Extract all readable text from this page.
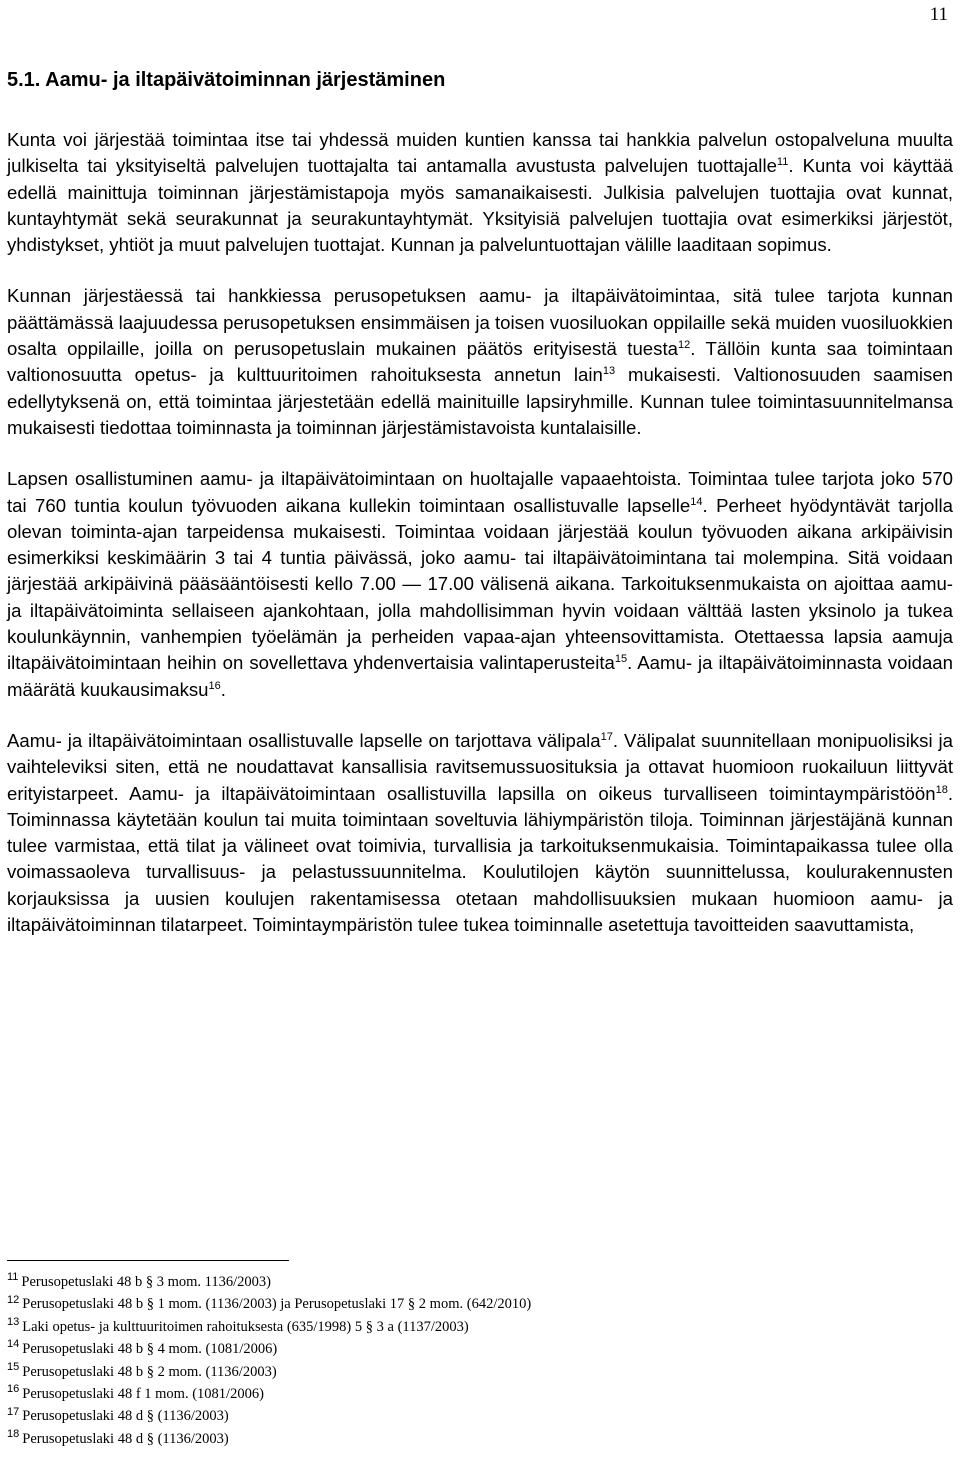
11
5.1. Aamu- ja iltapäivätoiminnan järjestäminen

Kunta voi järjestää toimintaa itse tai yhdessä muiden kuntien kanssa tai hankkia palvelun ostopalveluna muulta julkiselta tai yksityiseltä palvelujen tuottajalta tai antamalla avustusta palvelujen tuottajalle$^{11}$. Kunta voi käyttää edellä mainittuja toiminnan järjestämistapoja myös samanaikaisesti. Julkisia palvelujen tuottajia ovat kunnat, kuntayhtymät sekä seurakunnat ja seurakuntayhtymät. Yksityisiä palvelujen tuottajia ovat esimerkiksi järjestöt, yhdistykset, yhtiöt ja muut palvelujen tuottajat. Kunnan ja palveluntuottajan välille laaditaan sopimus.

Kunnan järjestäessä tai hankkiessa perusopetuksen aamu- ja iltapäivätoimintaa, sitä tulee tarjota kunnan päättämässä laajuudessa perusopetuksen ensimmäisen ja toisen vuosiluokan oppilaille sekä muiden vuosiluokkien osalta oppilaille, joilla on perusopetuslain mukainen päätös erityisestä tuesta$^{12}$. Tällöin kunta saa toimintaan valtionosuutta opetus- ja kulttuuritoimen rahoituksesta annetun lain$^{13}$ mukaisesti. Valtionosuuden saamisen edellytyksenä on, että toimintaa järjestetään edellä mainituille lapsiryhmille. Kunnan tulee toimintasuunnitelmansa mukaisesti tiedottaa toiminnasta ja toiminnan järjestämistavoista kuntalaisille.

Lapsen osallistuminen aamu- ja iltapäivätoimintaan on huoltajalle vapaaehtoista. Toimintaa tulee tarjota joko 570 tai 760 tuntia koulun työvuoden aikana kullekin toimintaan osallistuvalle lapselle$^{14}$. Perheet hyödyntävät tarjolla olevan toiminta-ajan tarpeidensa mukaisesti. Toimintaa voidaan järjestää koulun työvuoden aikana arkipäivisin esimerkiksi keskimäärin 3 tai 4 tuntia päivässä, joko aamu- tai iltapäivätoimintana tai molempina. Sitä voidaan järjestää arkipäivinä pääsääntöisesti kello 7.00 — 17.00 välisenä aikana. Tarkoituksenmukaista on ajoittaa aamu- ja iltapäivätoiminta sellaiseen ajankohtaan, jolla mahdollisimman hyvin voidaan välttää lasten yksinolo ja tukea koulunkäynnin, vanhempien työelämän ja perheiden vapaa-ajan yhteensovittamista. Otettaessa lapsia aamuja iltapäivätoimintaan heihin on sovellettava yhdenvertaisia valintaperusteita$^{15}$. Aamu- ja iltapäivätoiminnasta voidaan määrätä kuukausimaksu$^{16}$.

Aamu- ja iltapäivätoimintaan osallistuvalle lapselle on tarjottava välipala$^{17}$. Välipalat suunnitellaan monipuolisiksi ja vaihteleviksi siten, että ne noudattavat kansallisia ravitsemussuosituksia ja ottavat huomioon ruokailuun liittyvät erityistarpeet. Aamu- ja iltapäivätoimintaan osallistuvilla lapsilla on oikeus turvalliseen toimintaympäristöön$^{18}$. Toiminnassa käytetään koulun tai muita toimintaan soveltuvia lähiympäristön tiloja. Toiminnan järjestäjänä kunnan tulee varmistaa, että tilat ja välineet ovat toimivia, turvallisia ja tarkoituksenmukaisia. Toimintapaikassa tulee olla voimassaoleva turvallisuus- ja pelastussuunnitelma. Koulutilojen käytön suunnittelussa, koulurakennusten korjauksissa ja uusien koulujen rakentamisessa otetaan mahdollisuuksien mukaan huomioon aamu- ja iltapäivätoiminnan tilatarpeet. Toimintaympäristön tulee tukea toiminnalle asetettuja tavoitteiden saavuttamista,

$^{11}$ Perusopetuslaki 48 b § 3 mom. 1136/2003)
$^{12}$ Perusopetuslaki 48 b § 1 mom. (1136/2003) ja Perusopetuslaki 17 § 2 mom. (642/2010)
$^{13}$ Laki opetus- ja kulttuuritoimen rahoituksesta (635/1998) 5 § 3 a (1137/2003)
$^{14}$ Perusopetuslaki 48 b § 4 mom. (1081/2006)
$^{15}$ Perusopetuslaki 48 b § 2 mom. (1136/2003)
$^{16}$ Perusopetuslaki 48 f 1 mom. (1081/2006)
$^{17}$ Perusopetuslaki 48 d § (1136/2003)
$^{18}$ Perusopetuslaki 48 d § (1136/2003)
